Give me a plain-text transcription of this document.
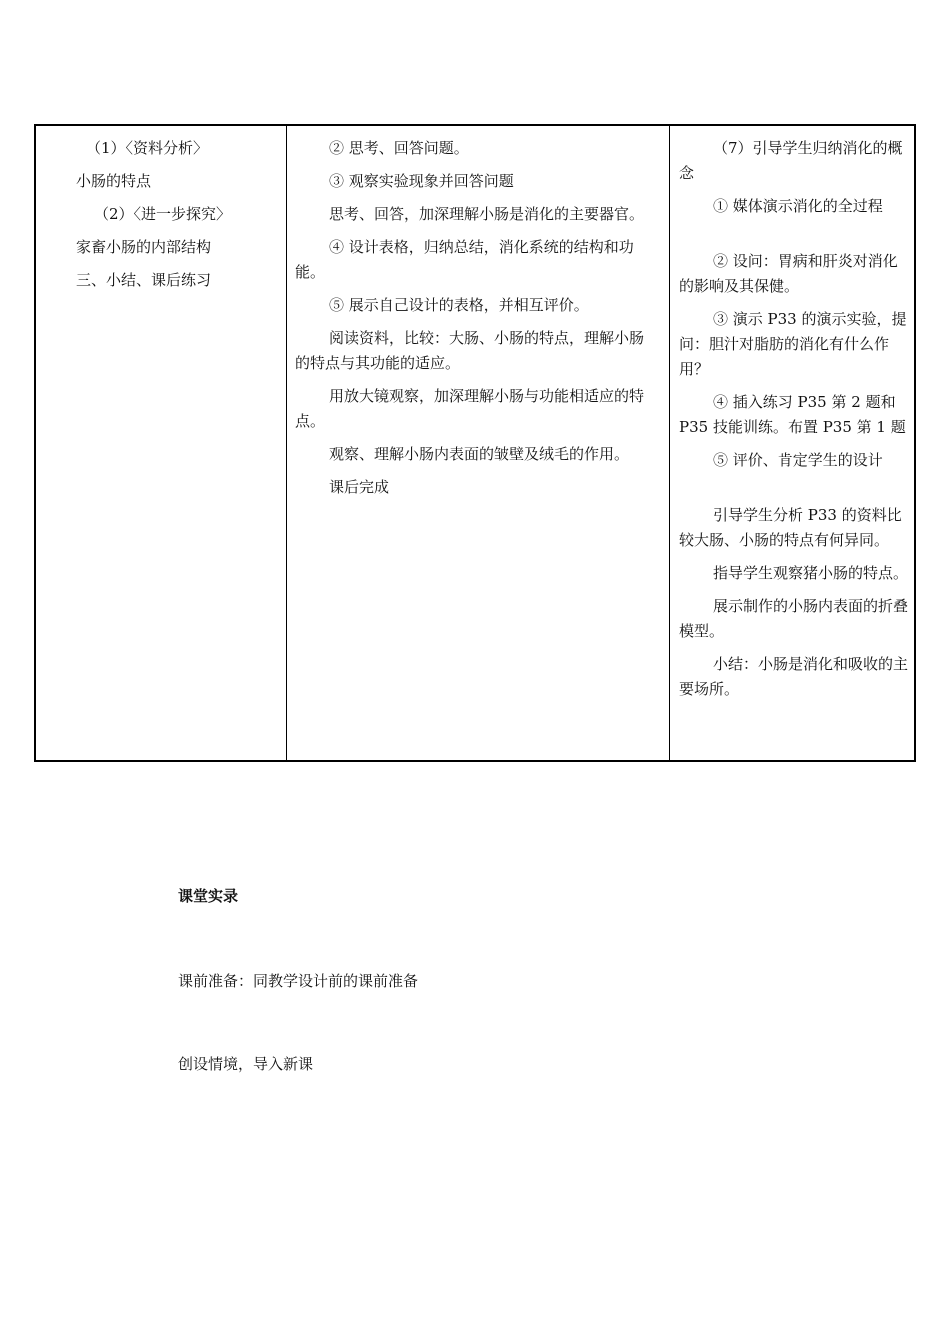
（1）〈资料分析〉

小肠的特点

（2）〈进一步探究〉

家畜小肠的内部结构

三、小结、课后练习

② 思考、回答问题。

③ 观察实验现象并回答问题

思考、回答，加深理解小肠是消化的主要器官。

④ 设计表格，归纳总结，消化系统的结构和功能。

⑤ 展示自己设计的表格，并相互评价。

阅读资料，比较：大肠、小肠的特点，理解小肠的特点与其功能的适应。

用放大镜观察，加深理解小肠与功能相适应的特点。

观察、理解小肠内表面的皱壁及绒毛的作用。

课后完成

（7）引导学生归纳消化的概念

① 媒体演示消化的全过程

② 设问：胃病和肝炎对消化的影响及其保健。

③ 演示 P33 的演示实验，提问：胆汁对脂肪的消化有什么作用？

④ 插入练习 P35 第 2 题和 P35 技能训练。布置 P35 第 1 题

⑤ 评价、肯定学生的设计

引导学生分析 P33 的资料比较大肠、小肠的特点有何异同。

指导学生观察猪小肠的特点。

展示制作的小肠内表面的折叠模型。

小结：小肠是消化和吸收的主要场所。

课堂实录
课前准备：同教学设计前的课前准备
创设情境，导入新课
